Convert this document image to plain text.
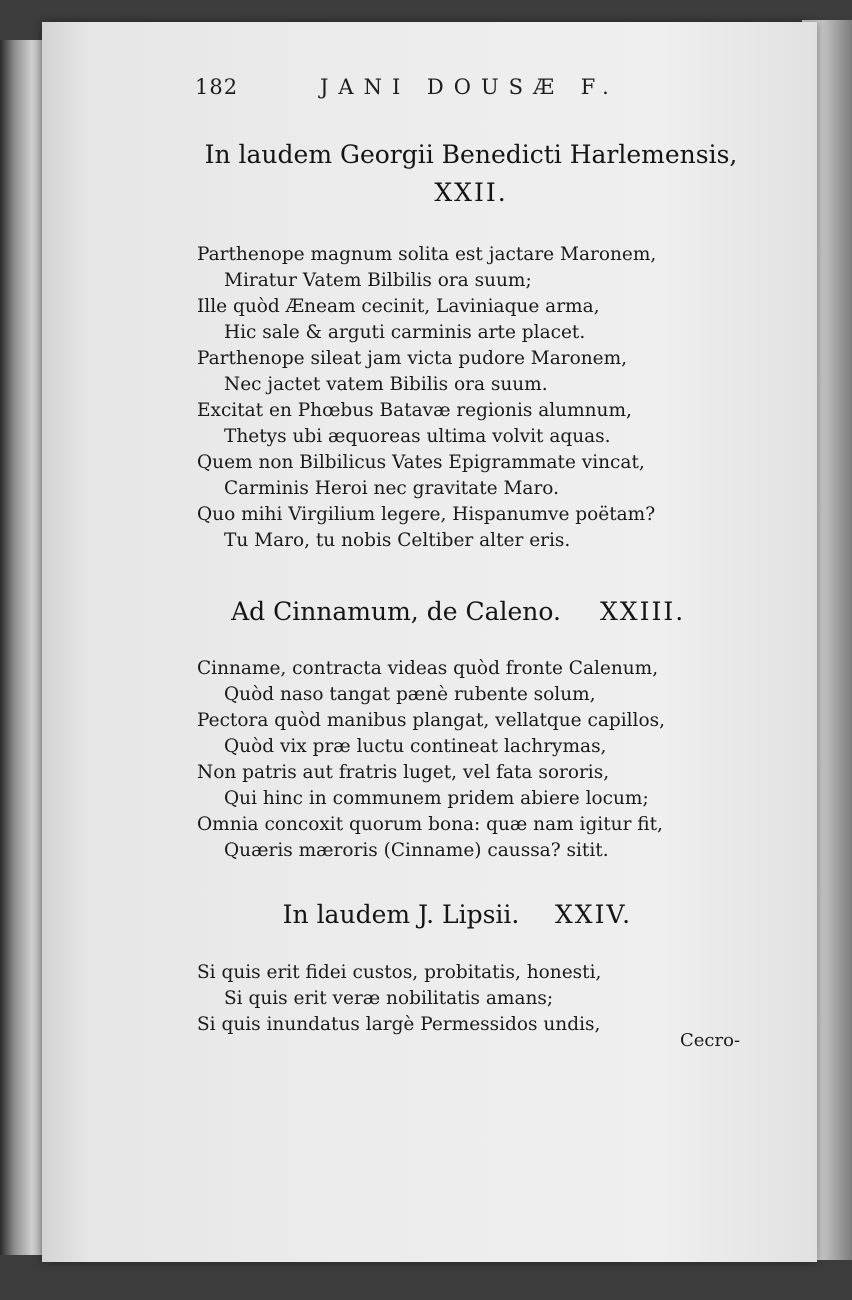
182	JANI DOUSÆ F.
In laudem Georgii Benedicti Harlemensis,
XXII.
Parthenope magnum solita est jactare Maronem,
Miratur Vatem Bilbilis ora suum;
Ille quòd Æneam cecinit, Laviniaque arma,
Hic sale & arguti carminis arte placet.
Parthenope sileat jam victa pudore Maronem,
Nec jactet vatem Bibilis ora suum.
Excitat en Phœbus Batavæ regionis alumnum,
Thetys ubi æquoreas ultima volvit aquas.
Quem non Bilbilicus Vates Epigrammate vincat,
Carminis Heroi nec gravitate Maro.
Quo mihi Virgilium legere, Hispanumve poëtam?
Tu Maro, tu nobis Celtiber alter eris.
Ad Cinnamum, de Caleno.	XXIII.
Cinname, contracta videas quòd fronte Calenum,
Quòd naso tangat pænè rubente solum,
Pectora quòd manibus plangat, vellatque capillos,
Quòd vix præ luctu contineat lachrymas,
Non patris aut fratris luget, vel fata sororis,
Qui hinc in communem pridem abiere locum;
Omnia concoxit quorum bona: quæ nam igitur fit,
Quæris mæroris (Cinname) caussa? sitit.
In laudem J. Lipsii. XXIV.
Si quis erit fidei custos, probitatis, honesti,
Si quis erit veræ nobilitatis amans;
Si quis inundatus largè Permessidos undis,
Cecro-
